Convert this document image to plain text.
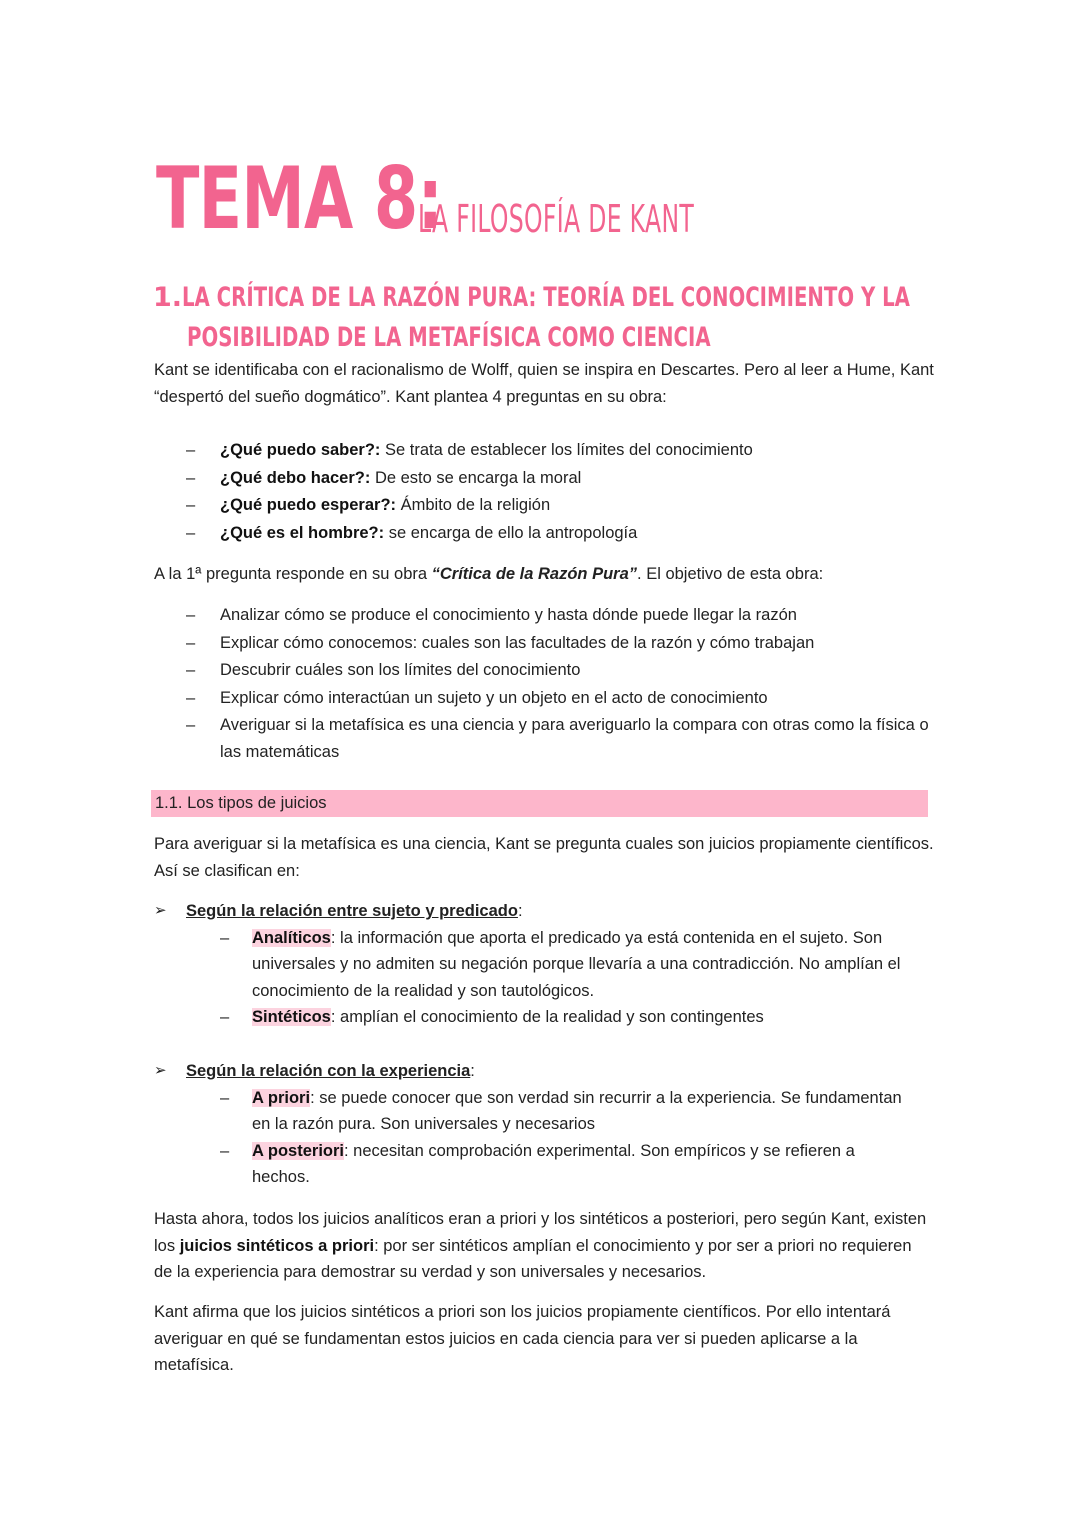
TEMA 8:
LA FILOSOFÍA DE KANT
1. LA CRÍTICA DE LA RAZÓN PURA: TEORÍA DEL CONOCIMIENTO Y LA
POSIBILIDAD DE LA METAFÍSICA COMO CIENCIA

Kant se identificaba con el racionalismo de Wolff, quien se inspira en Descartes. Pero al leer a Hume, Kant “despertó del sueño dogmático”. Kant plantea 4 preguntas en su obra:

– ¿Qué puedo saber?: Se trata de establecer los límites del conocimiento
– ¿Qué debo hacer?: De esto se encarga la moral
– ¿Qué puedo esperar?: Ámbito de la religión
– ¿Qué es el hombre?: se encarga de ello la antropología

A la 1ª pregunta responde en su obra “Crítica de la Razón Pura”. El objetivo de esta obra:

– Analizar cómo se produce el conocimiento y hasta dónde puede llegar la razón
– Explicar cómo conocemos: cuales son las facultades de la razón y cómo trabajan
– Descubrir cuáles son los límites del conocimiento
– Explicar cómo interactúan un sujeto y un objeto en el acto de conocimiento
– Averiguar si la metafísica es una ciencia y para averiguarlo la compara con otras como la física o las matemáticas
1.1. Los tipos de juicios

Para averiguar si la metafísica es una ciencia, Kant se pregunta cuales son juicios propiamente científicos. Así se clasifican en:

➢ Según la relación entre sujeto y predicado:
– Analíticos: la información que aporta el predicado ya está contenida en el sujeto. Son universales y no admiten su negación porque llevaría a una contradicción. No amplían el conocimiento de la realidad y son tautológicos.
– Sintéticos: amplían el conocimiento de la realidad y son contingentes
➢ Según la relación con la experiencia:
– A priori: se puede conocer que son verdad sin recurrir a la experiencia. Se fundamentan en la razón pura. Son universales y necesarios
– A posteriori: necesitan comprobación experimental. Son empíricos y se refieren a hechos.

Hasta ahora, todos los juicios analíticos eran a priori y los sintéticos a posteriori, pero según Kant, existen los juicios sintéticos a priori: por ser sintéticos amplían el conocimiento y por ser a priori no requieren de la experiencia para demostrar su verdad y son universales y necesarios.

Kant afirma que los juicios sintéticos a priori son los juicios propiamente científicos. Por ello intentará averiguar en qué se fundamentan estos juicios en cada ciencia para ver si pueden aplicarse a la metafísica.
